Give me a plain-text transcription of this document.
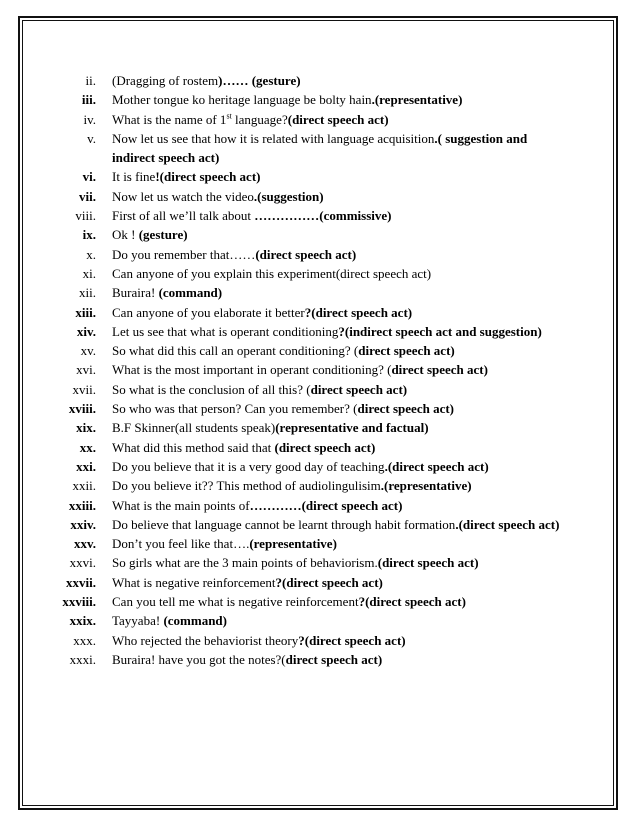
ii.	(Dragging of rostem)…… (gesture)
iii.	Mother tongue ko heritage language be bolty hain.(representative)
iv.	What is the name of 1st language?(direct speech act)
v.	Now let us see that how it is related with language acquisition.( suggestion and indirect speech act)
vi.	It is fine!(direct speech act)
vii.	Now let us watch the video.(suggestion)
viii.	First of all we’ll talk about ……………(commissive)
ix.	Ok ! (gesture)
x.	Do you remember that……(direct speech act)
xi.	Can anyone of you explain this experiment(direct speech act)
xii.	Buraira! (command)
xiii.	Can anyone of you elaborate it better?(direct speech act)
xiv.	Let us see that what is operant conditioning?(indirect speech act and suggestion)
xv.	So what did this call an operant conditioning? (direct speech act)
xvi.	What is the most important in operant conditioning? (direct speech act)
xvii.	So what is the conclusion of all this? (direct speech act)
xviii.	So who was that person? Can you remember? (direct speech act)
xix.	B.F Skinner(all students speak)(representative and factual)
xx.	What did this method said that (direct speech act)
xxi.	Do you believe that it is a very good day of teaching.(direct speech act)
xxii.	Do you believe it?? This method of audiolingulisim.(representative)
xxiii.	What is the main points of…………(direct speech act)
xxiv.	Do believe that language cannot be learnt through habit formation.(direct speech act)
xxv.	Don’t you feel like that….(representative)
xxvi.	So girls what are the 3 main points of behaviorism.(direct speech act)
xxvii.	What is negative reinforcement?(direct speech act)
xxviii.	Can you tell me what is negative reinforcement?(direct speech act)
xxix.	Tayyaba! (command)
xxx.	Who rejected the behaviorist theory?(direct speech act)
xxxi.	Buraira! have you got the notes?(direct speech act)
